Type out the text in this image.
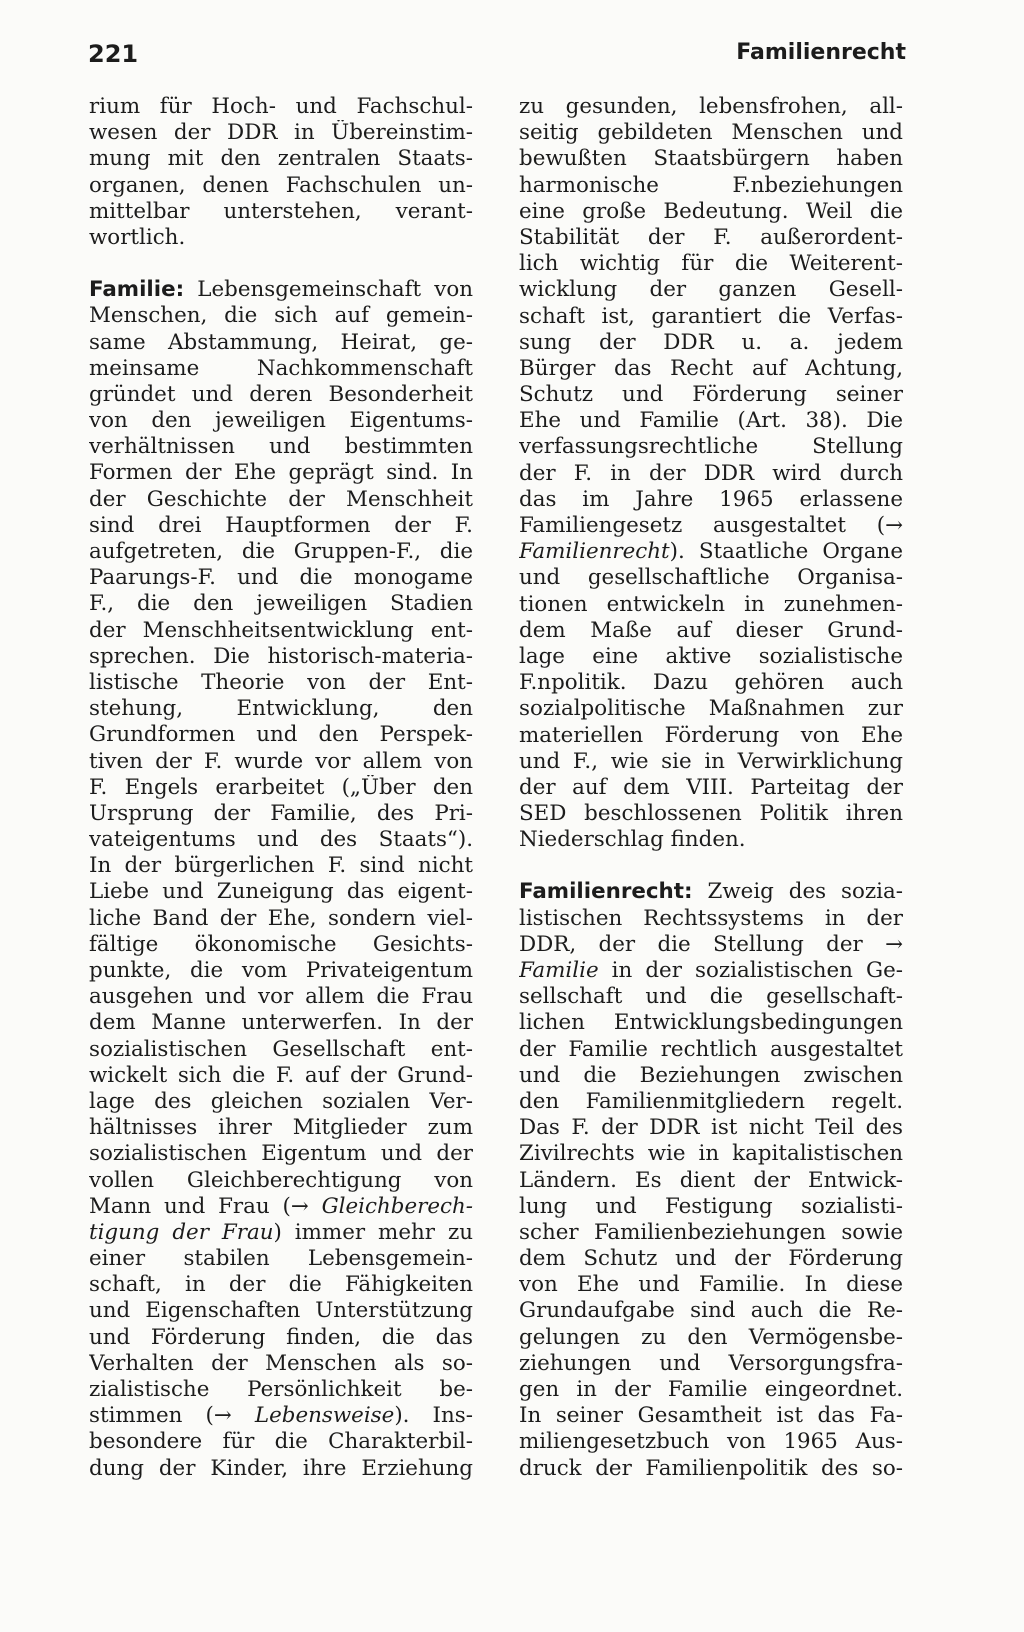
221	Familienrecht
rium für Hoch- und Fachschul-
wesen der DDR in Übereinstim-
mung mit den zentralen Staats-
organen, denen Fachschulen un-
mittelbar unterstehen, verant-
wortlich.
Familie: Lebensgemeinschaft von
Menschen, die sich auf gemein-
same Abstammung, Heirat, ge-
meinsame Nachkommenschaft
gründet und deren Besonderheit
von den jeweiligen Eigentums-
verhältnissen und bestimmten
Formen der Ehe geprägt sind. In
der Geschichte der Menschheit
sind drei Hauptformen der F.
aufgetreten, die Gruppen-F., die
Paarungs-F. und die monogame
F., die den jeweiligen Stadien
der Menschheitsentwicklung ent-
sprechen. Die historisch-materia-
listische Theorie von der Ent-
stehung, Entwicklung, den
Grundformen und den Perspek-
tiven der F. wurde vor allem von
F. Engels erarbeitet („Über den
Ursprung der Familie, des Pri-
vateigentums und des Staats“).
In der bürgerlichen F. sind nicht
Liebe und Zuneigung das eigent-
liche Band der Ehe, sondern viel-
fältige ökonomische Gesichts-
punkte, die vom Privateigentum
ausgehen und vor allem die Frau
dem Manne unterwerfen. In der
sozialistischen Gesellschaft ent-
wickelt sich die F. auf der Grund-
lage des gleichen sozialen Ver-
hältnisses ihrer Mitglieder zum
sozialistischen Eigentum und der
vollen Gleichberechtigung von
Mann und Frau (→ Gleichberech-
tigung der Frau) immer mehr zu
einer stabilen Lebensgemein-
schaft, in der die Fähigkeiten
und Eigenschaften Unterstützung
und Förderung finden, die das
Verhalten der Menschen als so-
zialistische Persönlichkeit be-
stimmen (→ Lebensweise). Ins-
besondere für die Charakterbil-
dung der Kinder, ihre Erziehung
zu gesunden, lebensfrohen, all-
seitig gebildeten Menschen und
bewußten Staatsbürgern haben
harmonische F.nbeziehungen
eine große Bedeutung. Weil die
Stabilität der F. außerordent-
lich wichtig für die Weiterent-
wicklung der ganzen Gesell-
schaft ist, garantiert die Verfas-
sung der DDR u. a. jedem
Bürger das Recht auf Achtung,
Schutz und Förderung seiner
Ehe und Familie (Art. 38). Die
verfassungsrechtliche Stellung
der F. in der DDR wird durch
das im Jahre 1965 erlassene
Familiengesetz ausgestaltet (→
Familienrecht). Staatliche Organe
und gesellschaftliche Organisa-
tionen entwickeln in zunehmen-
dem Maße auf dieser Grund-
lage eine aktive sozialistische
F.npolitik. Dazu gehören auch
sozialpolitische Maßnahmen zur
materiellen Förderung von Ehe
und F., wie sie in Verwirklichung
der auf dem VIII. Parteitag der
SED beschlossenen Politik ihren
Niederschlag finden.
Familienrecht: Zweig des sozia-
listischen Rechtssystems in der
DDR, der die Stellung der →
Familie in der sozialistischen Ge-
sellschaft und die gesellschaft-
lichen Entwicklungsbedingungen
der Familie rechtlich ausgestaltet
und die Beziehungen zwischen
den Familienmitgliedern regelt.
Das F. der DDR ist nicht Teil des
Zivilrechts wie in kapitalistischen
Ländern. Es dient der Entwick-
lung und Festigung sozialisti-
scher Familienbeziehungen sowie
dem Schutz und der Förderung
von Ehe und Familie. In diese
Grundaufgabe sind auch die Re-
gelungen zu den Vermögensbe-
ziehungen und Versorgungsfra-
gen in der Familie eingeordnet.
In seiner Gesamtheit ist das Fa-
miliengesetzbuch von 1965 Aus-
druck der Familienpolitik des so-
